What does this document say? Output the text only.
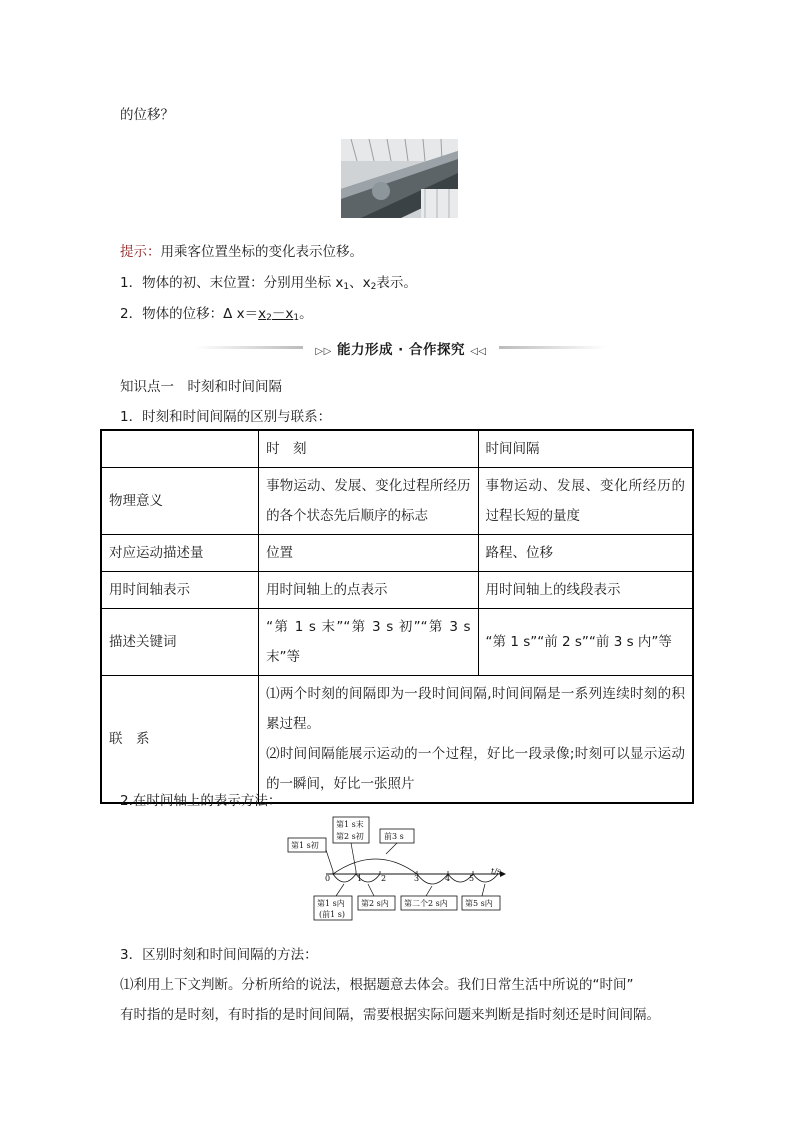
的位移？
提示：用乘客位置坐标的变化表示位移。
1．物体的初、末位置：分别用坐标 $x_1$、$x_2$表示。
2．物体的位移：Δ $x=x_2-x_1$。
▷▷ 能力形成 · 合作探究 ◁◁
知识点一　时刻和时间间隔
1．时刻和时间间隔的区别与联系：
	时　刻	时间间隔
物理意义	事物运动、发展、变化过程所经历的各个状态先后顺序的标志	事物运动、发展、变化所经历的过程长短的量度
对应运动描述量	位置	路程、位移
用时间轴表示	用时间轴上的点表示	用时间轴上的线段表示
描述关键词	“第 1 s 末”“第 3 s 初”“第 3 s末”等	“第 1 s”“前 2 s”“前 3 s 内”等
联　系	⑴两个时刻的间隔即为一段时间间隔,时间间隔是一系列连续时刻的积累过程。
⑵时间间隔能展示运动的一个过程，好比一段录像;时刻可以显示运动的一瞬间，好比一张照片	
2.在时间轴上的表示方法：
第1 s末
第2 s初	前3 s
第1 s初
0	1 2	3	4 5
t/s
第1 s内
(前1 s)
第2 s内 第二个2 s内 第5 s内
3．区别时刻和时间间隔的方法：
⑴利用上下文判断。分析所给的说法，根据题意去体会。我们日常生活中所说的“时间”
有时指的是时刻，有时指的是时间间隔，需要根据实际问题来判断是指时刻还是时间间隔。
